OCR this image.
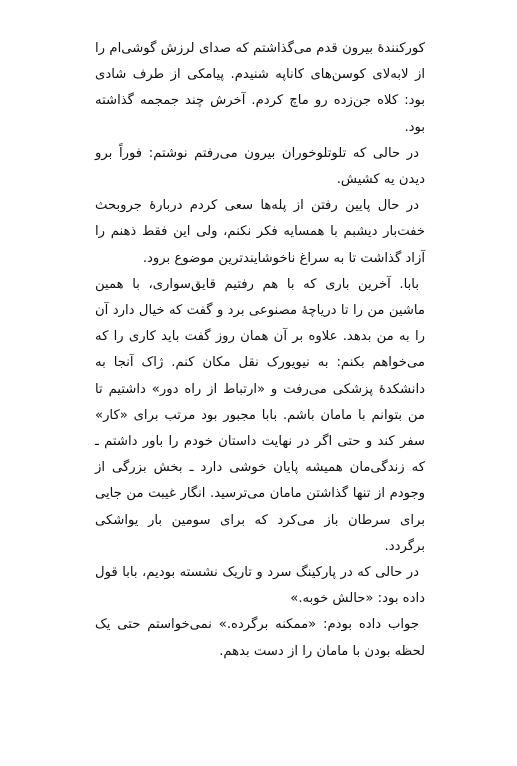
کورکنندهٔ بیرون قدم می‌گذاشتم که صدای لرزش گوشی‌ام را از لابه‌لای کوسن‌های کاناپه شنیدم. پیامکی از طرف شادی بود: کلاه جن‌زده رو ماچ کردم. آخرش چند جمجمه گذاشته بود.

در حالی که تلوتلوخوران بیرون می‌رفتم نوشتم: فوراً برو دیدن یه کشیش.

در حال پایین رفتن از پله‌ها سعی کردم دربارهٔ جروبحث خفت‌بار دیشبم با همسایه فکر نکنم، ولی این فقط ذهنم را آزاد گذاشت تا به سراغ ناخوشایندترین موضوع برود.

بابا. آخرین باری که با هم رفتیم قایق‌سواری، با همین ماشین من را تا دریاچهٔ مصنوعی برد و گفت که خیال دارد آن را به من بدهد. علاوه بر آن همان روز گفت باید کاری را که می‌خواهم بکنم: به نیویورک نقل مکان کنم. ژاک آنجا به دانشکدهٔ پزشکی می‌رفت و «ارتباط از راه دور» داشتیم تا من بتوانم با مامان باشم. بابا مجبور بود مرتب برای «کار» سفر کند و حتی اگر در نهایت داستان خودم را باور داشتم ـ که زندگی‌مان همیشه پایان خوشی دارد ـ بخش بزرگی از وجودم از تنها گذاشتن مامان می‌ترسید. انگار غیبت من جایی برای سرطان باز می‌کرد که برای سومین بار یواشکی برگردد.

در حالی که در پارکینگ سرد و تاریک نشسته بودیم، بابا قول داده بود: «حالش خوبه.»

جواب داده بودم: «ممکنه برگرده.» نمی‌خواستم حتی یک لحظه بودن با مامان را از دست بدهم.
